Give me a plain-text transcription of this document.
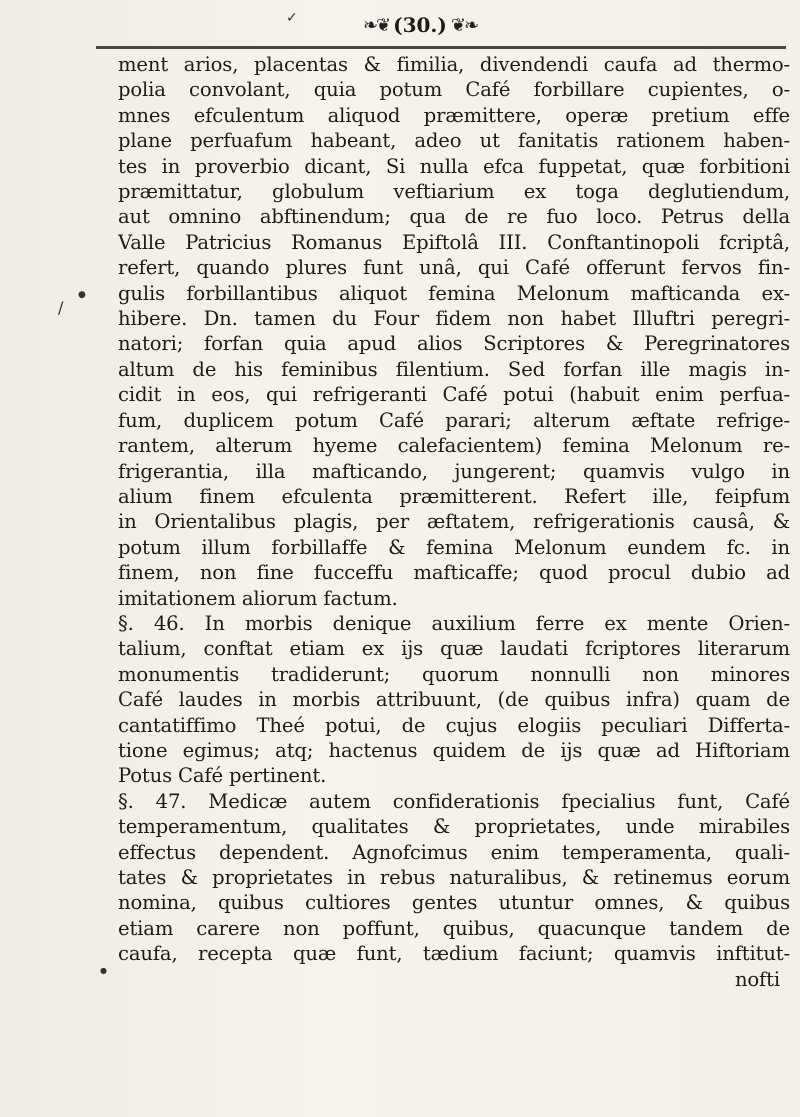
✓	❧❦ (30.) ❦❧
/
●
●
ment arios, placentas & fimilia, divendendi caufa ad thermo-
polia convolant, quia potum Café forbillare cupientes, o-
mnes efculentum aliquod præmittere, operæ pretium effe
plane perfuafum habeant, adeo ut fanitatis rationem haben-
tes in proverbio dicant, Si nulla efca fuppetat, quæ forbitioni
præmittatur, globulum veftiarium ex toga deglutiendum,
aut omnino abftinendum; qua de re fuo loco. Petrus della
Valle Patricius Romanus Epiftolâ III. Conftantinopoli fcriptâ,
refert, quando plures funt unâ, qui Café offerunt fervos fin-
gulis forbillantibus aliquot femina Melonum mafticanda ex-
hibere. Dn. tamen du Four fidem non habet Illuftri peregri-
natori; forfan quia apud alios Scriptores & Peregrinatores
altum de his feminibus filentium. Sed forfan ille magis in-
cidit in eos, qui refrigeranti Café potui (habuit enim perfua-
fum, duplicem potum Café parari; alterum æftate refrige-
rantem, alterum hyeme calefacientem) femina Melonum re-
frigerantia, illa mafticando, jungerent; quamvis vulgo in
alium finem efculenta præmitterent. Refert ille, feipfum
in Orientalibus plagis, per æftatem, refrigerationis causâ, &
potum illum forbillaffe & femina Melonum eundem fc. in
finem, non fine fucceffu mafticaffe; quod procul dubio ad
imitationem aliorum factum.
§. 46. In morbis denique auxilium ferre ex mente Orien-
talium, conftat etiam ex ijs quæ laudati fcriptores literarum
monumentis tradiderunt; quorum nonnulli non minores
Café laudes in morbis attribuunt, (de quibus infra) quam de
cantatiffimo Theé potui, de cujus elogiis peculiari Differta-
tione egimus; atq; hactenus quidem de ijs quæ ad Hiftoriam
Potus Café pertinent.
§. 47. Medicæ autem confiderationis fpecialius funt, Café
temperamentum, qualitates & proprietates, unde mirabiles
effectus dependent. Agnofcimus enim temperamenta, quali-
tates & proprietates in rebus naturalibus, & retinemus eorum
nomina, quibus cultiores gentes utuntur omnes, & quibus
etiam carere non poffunt, quibus, quacunque tandem de
caufa, recepta quæ funt, tædium faciunt; quamvis inftitut-
nofti
